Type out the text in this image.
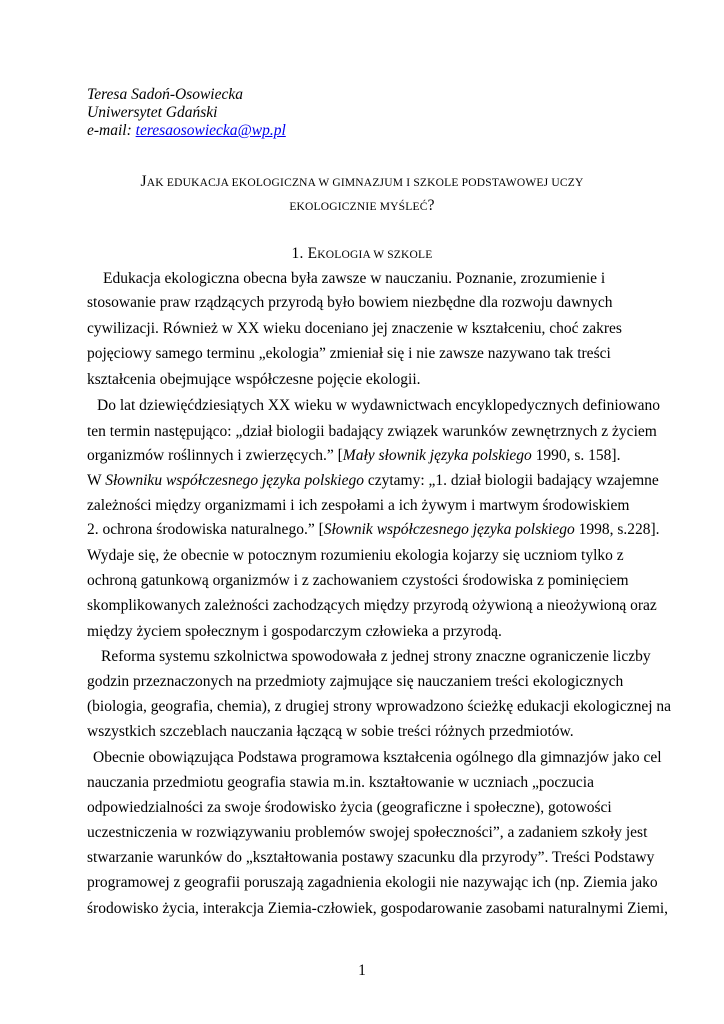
Teresa Sadoń-Osowiecka
Uniwersytet Gdański
e-mail: teresaosowiecka@wp.pl
JAK EDUKACJA EKOLOGICZNA W GIMNAZJUM I SZKOLE PODSTAWOWEJ UCZY
EKOLOGICZNIE MYŚLEĆ?
1. EKOLOGIA W SZKOLE
Edukacja ekologiczna obecna była zawsze w nauczaniu. Poznanie, zrozumienie i
stosowanie praw rządzących przyrodą było bowiem niezbędne dla rozwoju dawnych
cywilizacji. Również w XX wieku doceniano jej znaczenie w kształceniu, choć zakres
pojęciowy samego terminu „ekologia” zmieniał się i nie zawsze nazywano tak treści
kształcenia obejmujące współczesne pojęcie ekologii.
Do lat dziewięćdziesiątych XX wieku w wydawnictwach encyklopedycznych definiowano
ten termin następująco: „dział biologii badający związek warunków zewnętrznych z życiem
organizmów roślinnych i zwierzęcych.” [Mały słownik języka polskiego 1990, s. 158].
W Słowniku współczesnego języka polskiego czytamy: „1. dział biologii badający wzajemne
zależności między organizmami i ich zespołami a ich żywym i martwym środowiskiem
2. ochrona środowiska naturalnego.” [Słownik współczesnego języka polskiego 1998, s.228].
Wydaje się, że obecnie w potocznym rozumieniu ekologia kojarzy się uczniom tylko z
ochroną gatunkową organizmów i z zachowaniem czystości środowiska z pominięciem
skomplikowanych zależności zachodzących między przyrodą ożywioną a nieożywioną oraz
między życiem społecznym i gospodarczym człowieka a przyrodą.
Reforma systemu szkolnictwa spowodowała z jednej strony znaczne ograniczenie liczby
godzin przeznaczonych na przedmioty zajmujące się nauczaniem treści ekologicznych
(biologia, geografia, chemia), z drugiej strony wprowadzono ścieżkę edukacji ekologicznej na
wszystkich szczeblach nauczania łączącą w sobie treści różnych przedmiotów.
Obecnie obowiązująca Podstawa programowa kształcenia ogólnego dla gimnazjów jako cel
nauczania przedmiotu geografia stawia m.in. kształtowanie w uczniach „poczucia
odpowiedzialności za swoje środowisko życia (geograficzne i społeczne), gotowości
uczestniczenia w rozwiązywaniu problemów swojej społeczności”, a zadaniem szkoły jest
stwarzanie warunków do „kształtowania postawy szacunku dla przyrody”. Treści Podstawy
programowej z geografii poruszają zagadnienia ekologii nie nazywając ich (np. Ziemia jako
środowisko życia, interakcja Ziemia-człowiek, gospodarowanie zasobami naturalnymi Ziemi,
1
